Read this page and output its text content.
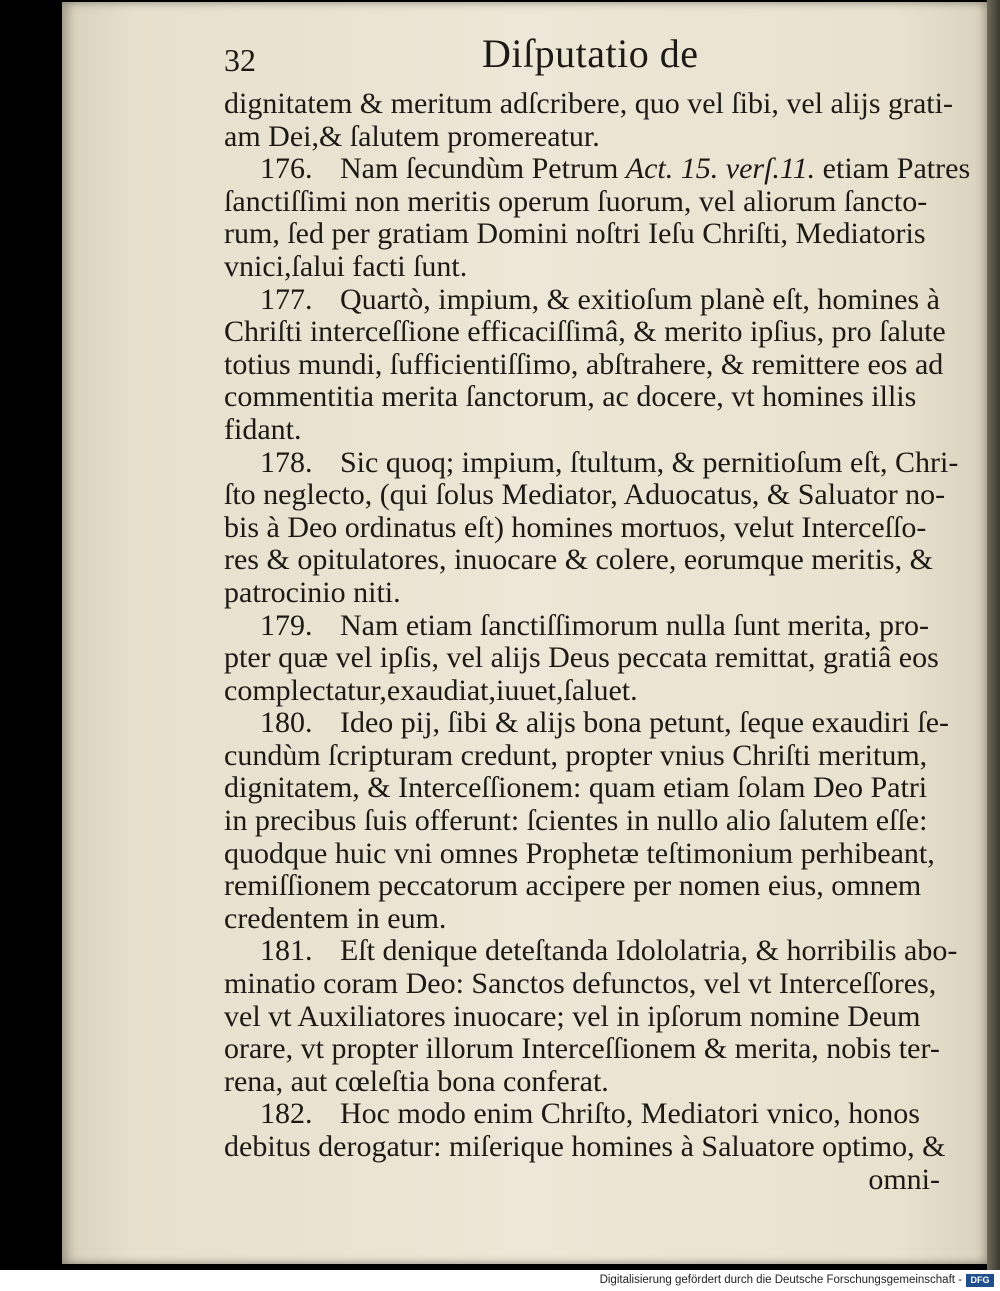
32	Diſputatio de
dignitatem & meritum adſcribere, quo vel ſibi, vel alijs grati-
am Dei,& ſalutem promereatur.
176. Nam ſecundùm Petrum Act. 15. verſ.11. etiam Patres
ſanctiſſimi non meritis operum ſuorum, vel aliorum ſancto-
rum, ſed per gratiam Domini noſtri Ieſu Chriſti, Mediatoris
vnici,ſalui facti ſunt.
177. Quartò, impium, & exitioſum planè eſt, homines à
Chriſti interceſſione efficaciſſimâ, & merito ipſius, pro ſalute
totius mundi, ſufficientiſſimo, abſtrahere, & remittere eos ad
commentitia merita ſanctorum, ac docere, vt homines illis
fidant.
178. Sic quoq; impium, ſtultum, & pernitioſum eſt, Chri-
ſto neglecto, (qui ſolus Mediator, Aduocatus, & Saluator no-
bis à Deo ordinatus eſt) homines mortuos, velut Interceſſo-
res & opitulatores, inuocare & colere, eorumque meritis, &
patrocinio niti.
179. Nam etiam ſanctiſſimorum nulla ſunt merita, pro-
pter quæ vel ipſis, vel alijs Deus peccata remittat, gratiâ eos
complectatur,exaudiat,iuuet,ſaluet.
180. Ideo pij, ſibi & alijs bona petunt, ſeque exaudiri ſe-
cundùm ſcripturam credunt, propter vnius Chriſti meritum,
dignitatem, & Interceſſionem: quam etiam ſolam Deo Patri
in precibus ſuis offerunt: ſcientes in nullo alio ſalutem eſſe:
quodque huic vni omnes Prophetæ teſtimonium perhibeant,
remiſſionem peccatorum accipere per nomen eius, omnem
credentem in eum.
181. Eſt denique deteſtanda Idololatria, & horribilis abo-
minatio coram Deo: Sanctos defunctos, vel vt Interceſſores,
vel vt Auxiliatores inuocare; vel in ipſorum nomine Deum
orare, vt propter illorum Interceſſionem & merita, nobis ter-
rena, aut cœleſtia bona conferat.
182. Hoc modo enim Chriſto, Mediatori vnico, honos
debitus derogatur: miſerique homines à Saluatore optimo, &
omni-
Digitalisierung gefördert durch die Deutsche Forschungsgemeinschaft - DFG
